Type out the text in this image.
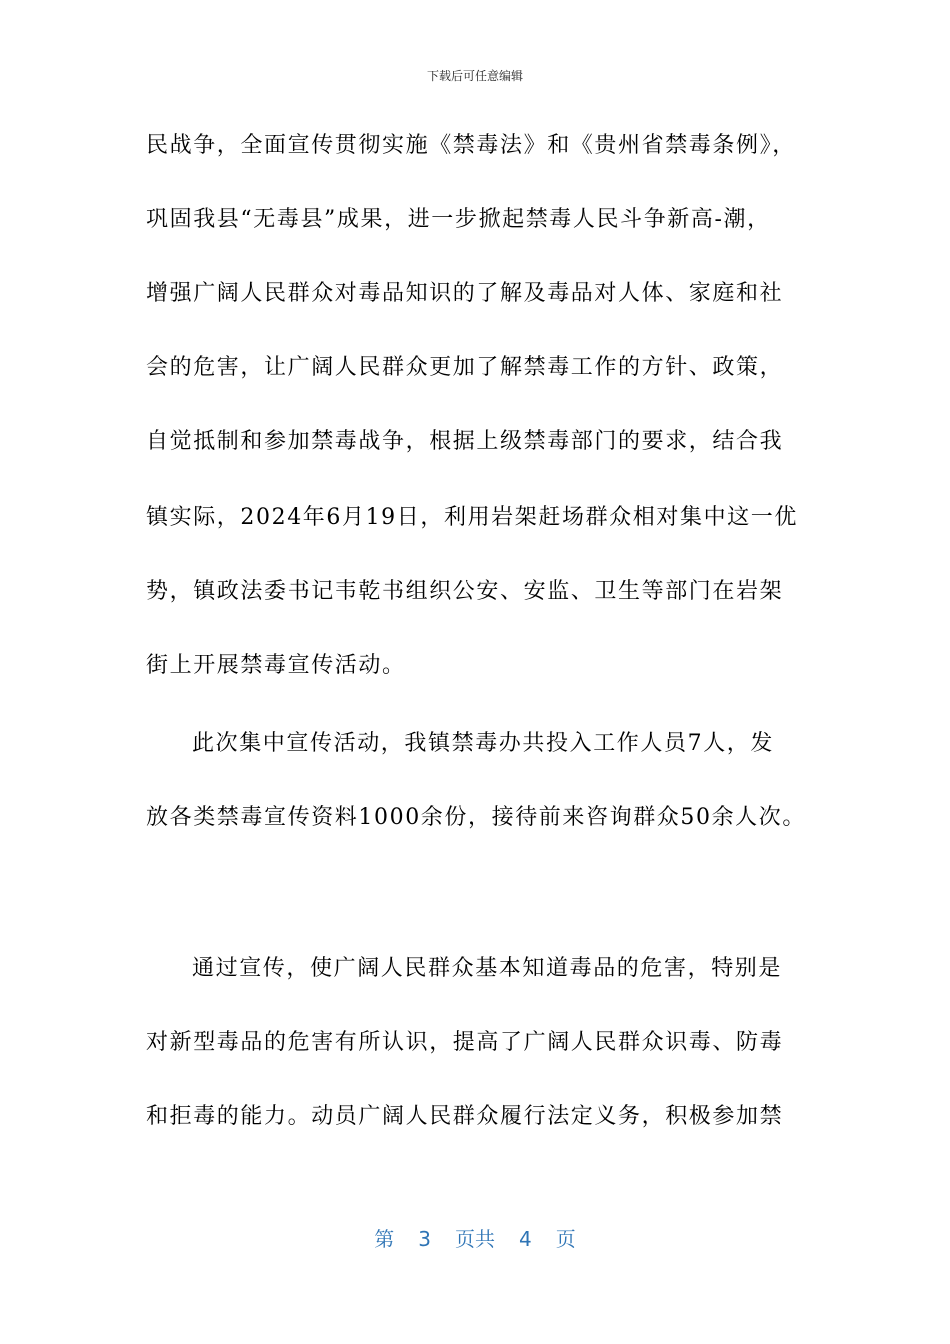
下载后可任意编辑
民战争，全面宣传贯彻实施《禁毒法》和《贵州省禁毒条例》，
巩固我县“无毒县”成果，进一步掀起禁毒人民斗争新高-潮，
增强广阔人民群众对毒品知识的了解及毒品对人体、家庭和社
会的危害，让广阔人民群众更加了解禁毒工作的方针、政策，
自觉抵制和参加禁毒战争，根据上级禁毒部门的要求，结合我
镇实际，2024年6月19日，利用岩架赶场群众相对集中这一优
势，镇政法委书记韦乾书组织公安、安监、卫生等部门在岩架
街上开展禁毒宣传活动。
此次集中宣传活动，我镇禁毒办共投入工作人员7人，发
放各类禁毒宣传资料1000余份，接待前来咨询群众50余人次。
通过宣传，使广阔人民群众基本知道毒品的危害，特别是
对新型毒品的危害有所认识，提高了广阔人民群众识毒、防毒
和拒毒的能力。动员广阔人民群众履行法定义务，积极参加禁
第 3 页共 4 页
